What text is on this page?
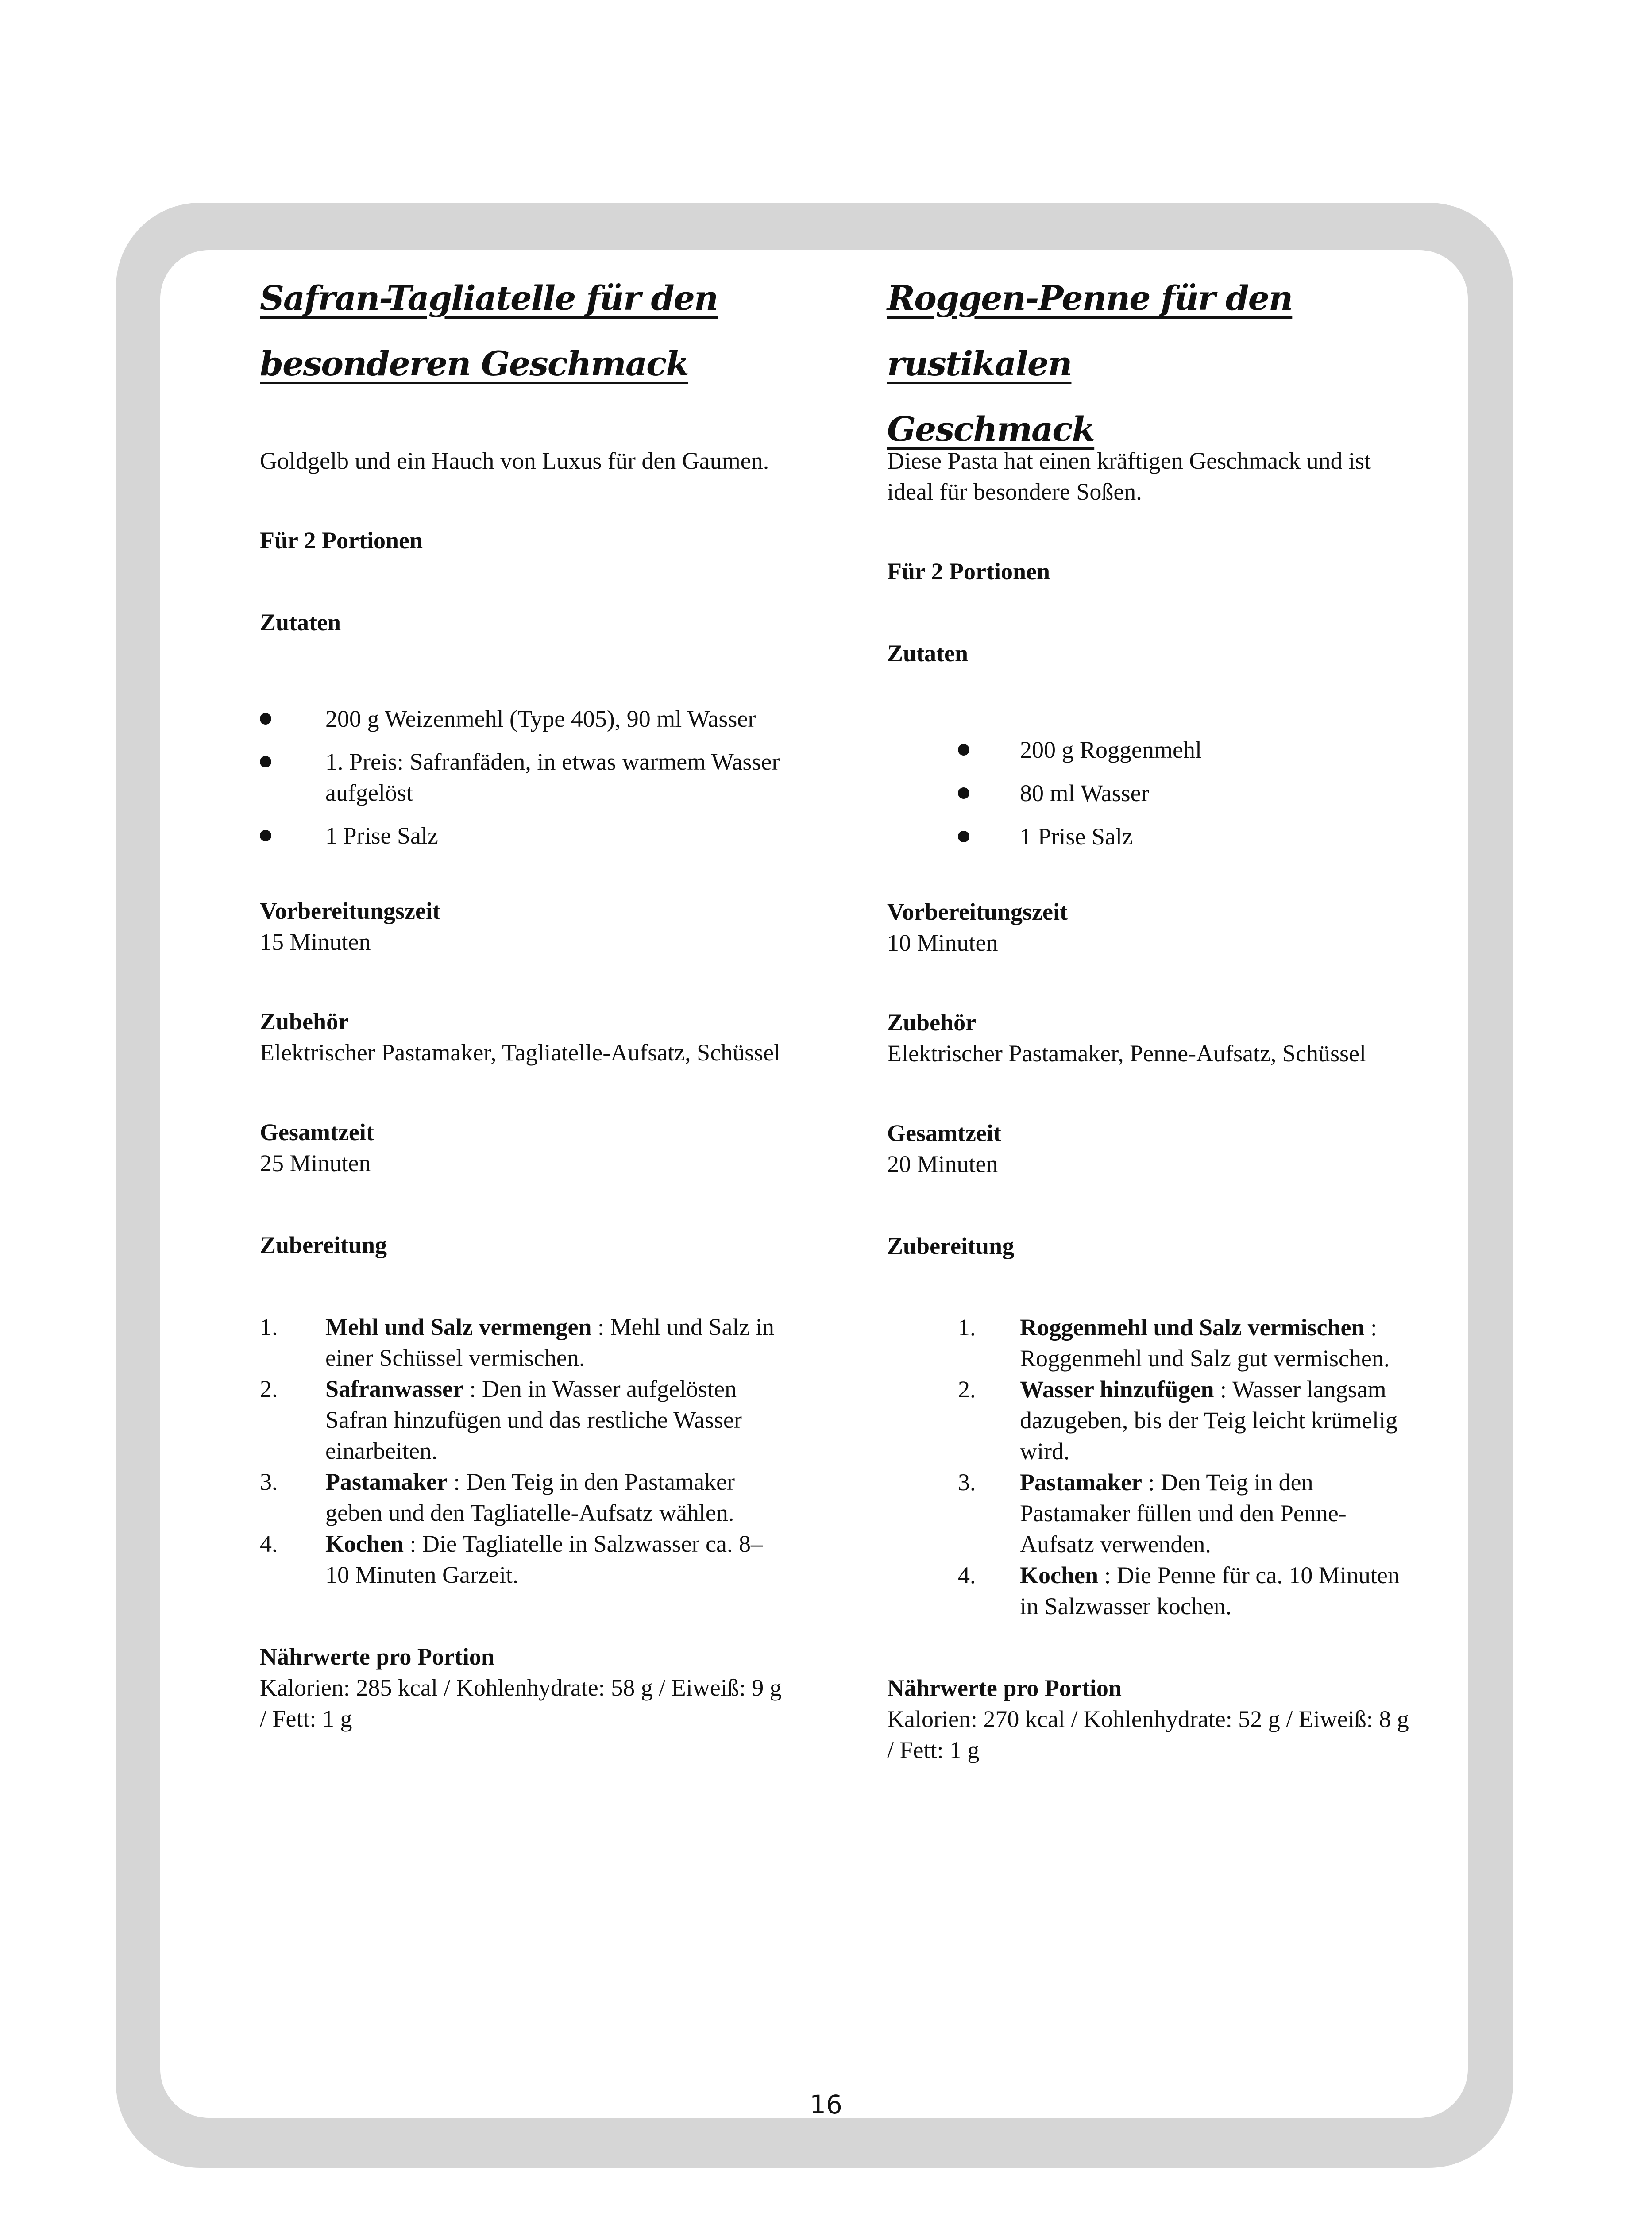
Safran-Tagliatelle für den
besonderen Geschmack
Goldgelb und ein Hauch von Luxus für den Gaumen.
Für 2 Portionen
Zutaten
200 g Weizenmehl (Type 405), 90 ml Wasser
1. Preis: Safranfäden, in etwas warmem Wasser aufgelöst
1 Prise Salz
Vorbereitungszeit
15 Minuten
Zubehör
Elektrischer Pastamaker, Tagliatelle-Aufsatz, Schüssel
Gesamtzeit
25 Minuten
Zubereitung
1. Mehl und Salz vermengen : Mehl und Salz in einer Schüssel vermischen.
2. Safranwasser : Den in Wasser aufgelösten Safran hinzufügen und das restliche Wasser einarbeiten.
3. Pastamaker : Den Teig in den Pastamaker geben und den Tagliatelle-Aufsatz wählen.
4. Kochen : Die Tagliatelle in Salzwasser ca. 8–10 Minuten Garzeit.
Nährwerte pro Portion
Kalorien: 285 kcal / Kohlenhydrate: 58 g / Eiweiß: 9 g / Fett: 1 g
Roggen-Penne für den rustikalen
Geschmack
Diese Pasta hat einen kräftigen Geschmack und ist ideal für besondere Soßen.
Für 2 Portionen
Zutaten
200 g Roggenmehl
80 ml Wasser
1 Prise Salz
Vorbereitungszeit
10 Minuten
Zubehör
Elektrischer Pastamaker, Penne-Aufsatz, Schüssel
Gesamtzeit
20 Minuten
Zubereitung
1. Roggenmehl und Salz vermischen : Roggenmehl und Salz gut vermischen.
2. Wasser hinzufügen : Wasser langsam dazugeben, bis der Teig leicht krümelig wird.
3. Pastamaker : Den Teig in den Pastamaker füllen und den Penne-Aufsatz verwenden.
4. Kochen : Die Penne für ca. 10 Minuten in Salzwasser kochen.
Nährwerte pro Portion
Kalorien: 270 kcal / Kohlenhydrate: 52 g / Eiweiß: 8 g / Fett: 1 g
16
